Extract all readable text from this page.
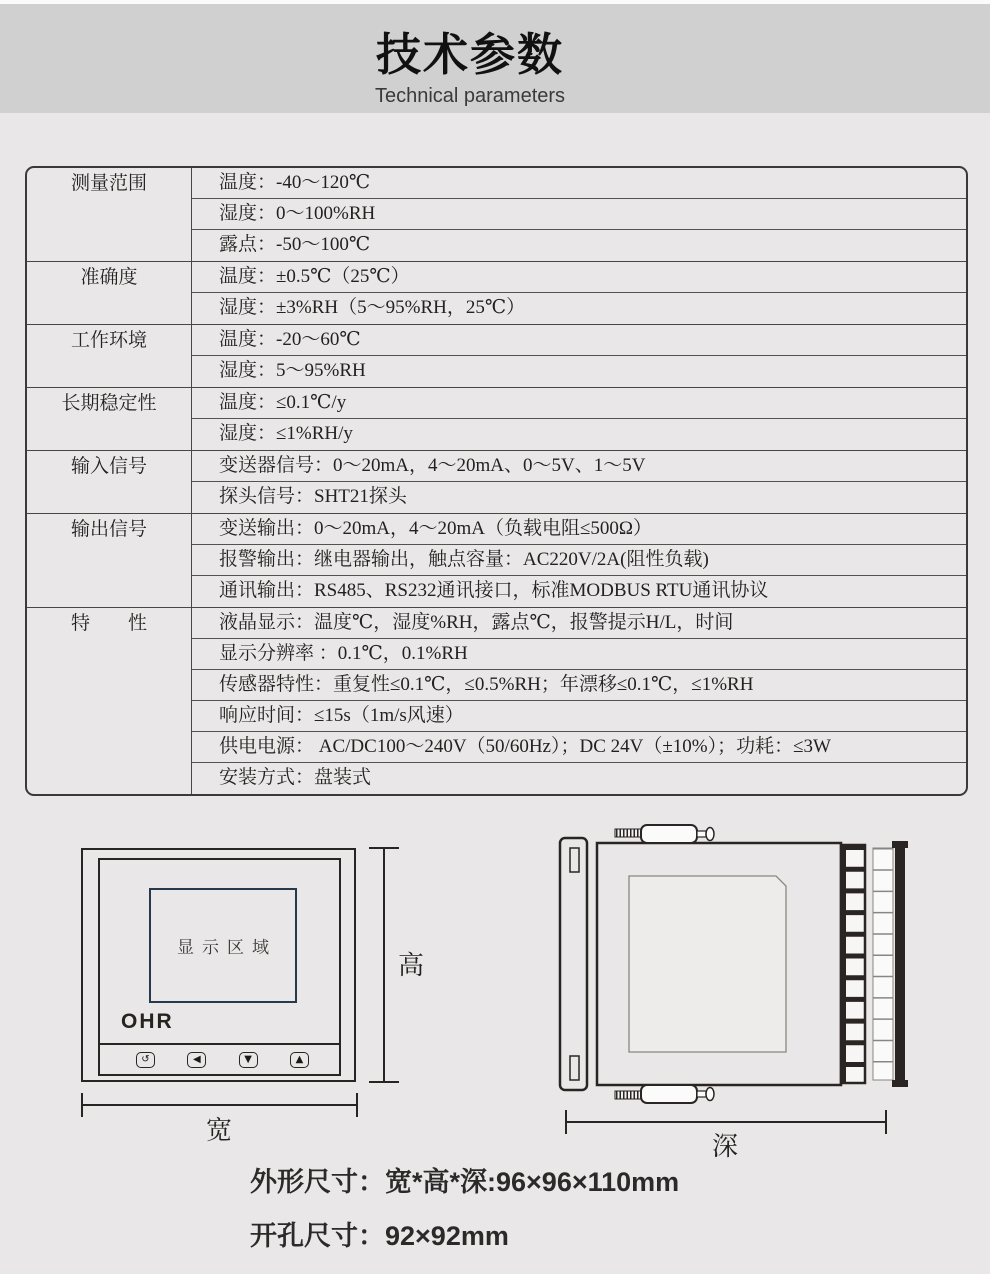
技术参数
Technical parameters
测量范围	温度：-40～120℃
湿度：0～100%RH
露点：-50～100℃
准确度	温度：±0.5℃（25℃）
湿度：±3%RH（5～95%RH，25℃）
工作环境	温度：-20～60℃
湿度：5～95%RH
长期稳定性	温度：≤0.1℃/y
湿度：≤1%RH/y
输入信号	变送器信号：0～20mA，4～20mA、0～5V、1～5V
探头信号：SHT21探头
输出信号	变送输出：0～20mA，4～20mA（负载电阻≤500Ω）
报警输出：继电器输出，触点容量：AC220V/2A(阻性负载)
通讯输出：RS485、RS232通讯接口，标准MODBUS RTU通讯协议
特　　性	液晶显示：温度℃，湿度%RH，露点℃，报警提示H/L，时间
显示分辨率 ：0.1℃，0.1%RH
传感器特性：重复性≤0.1℃，≤0.5%RH；年漂移≤0.1℃，≤1%RH
响应时间：≤15s（1m/s风速）
供电电源： AC/DC100～240V（50/60Hz）；DC 24V（±10%）；功耗：≤3W
安装方式：盘装式
显示区域
OHR
↺	◀	▼	▲
高
宽
深
外形尺寸：宽*高*深:96×96×110mm
开孔尺寸：92×92mm
